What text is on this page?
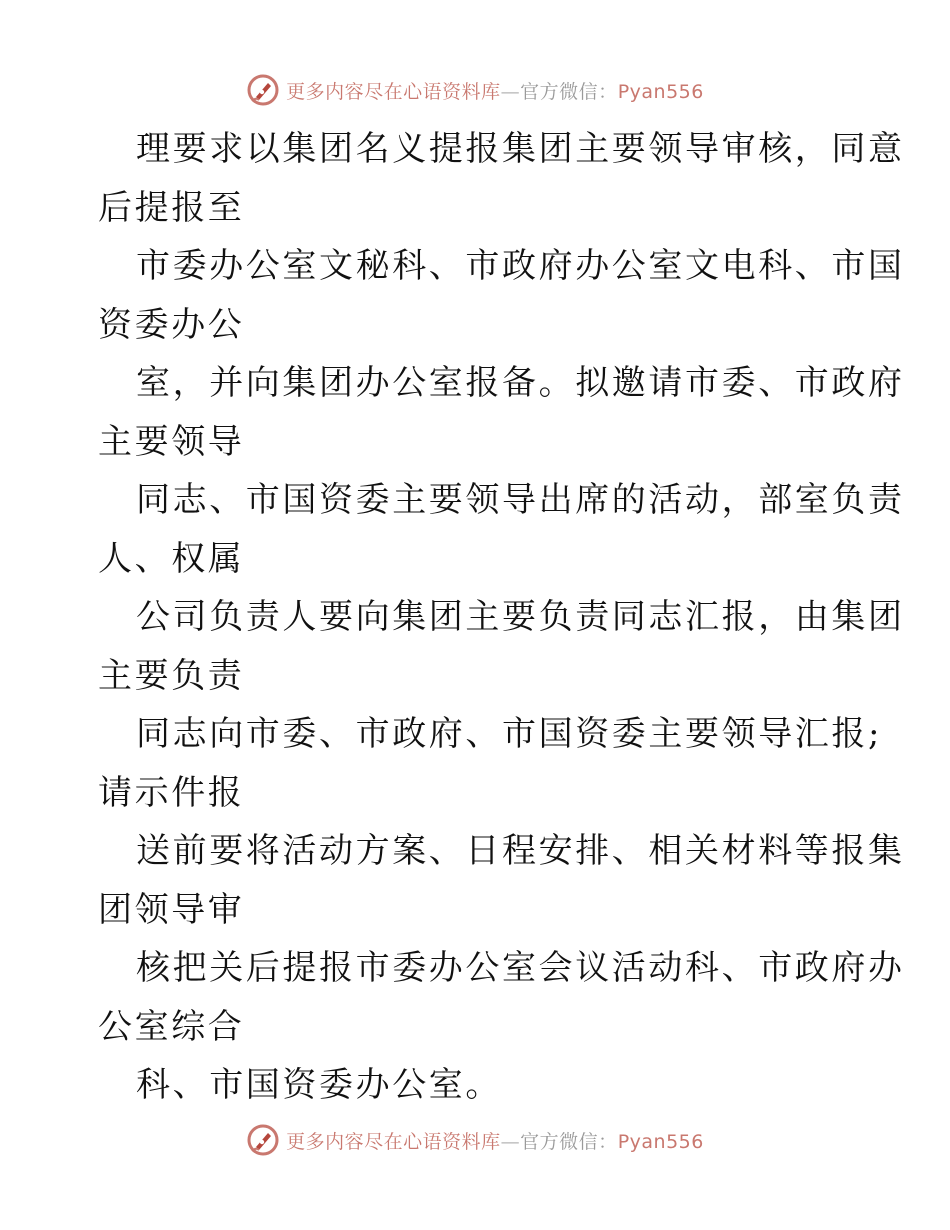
更多内容尽在心语资料库—官方微信：Pyan556
理要求以集团名义提报集团主要领导审核，同意
后提报至
市委办公室文秘科、市政府办公室文电科、市国
资委办公
室，并向集团办公室报备。拟邀请市委、市政府
主要领导
同志、市国资委主要领导出席的活动，部室负责
人、权属
公司负责人要向集团主要负责同志汇报，由集团
主要负责
同志向市委、市政府、市国资委主要领导汇报;
请示件报
送前要将活动方案、日程安排、相关材料等报集
团领导审
核把关后提报市委办公室会议活动科、市政府办
公室综合
科、市国资委办公室。
更多内容尽在心语资料库—官方微信：Pyan556
